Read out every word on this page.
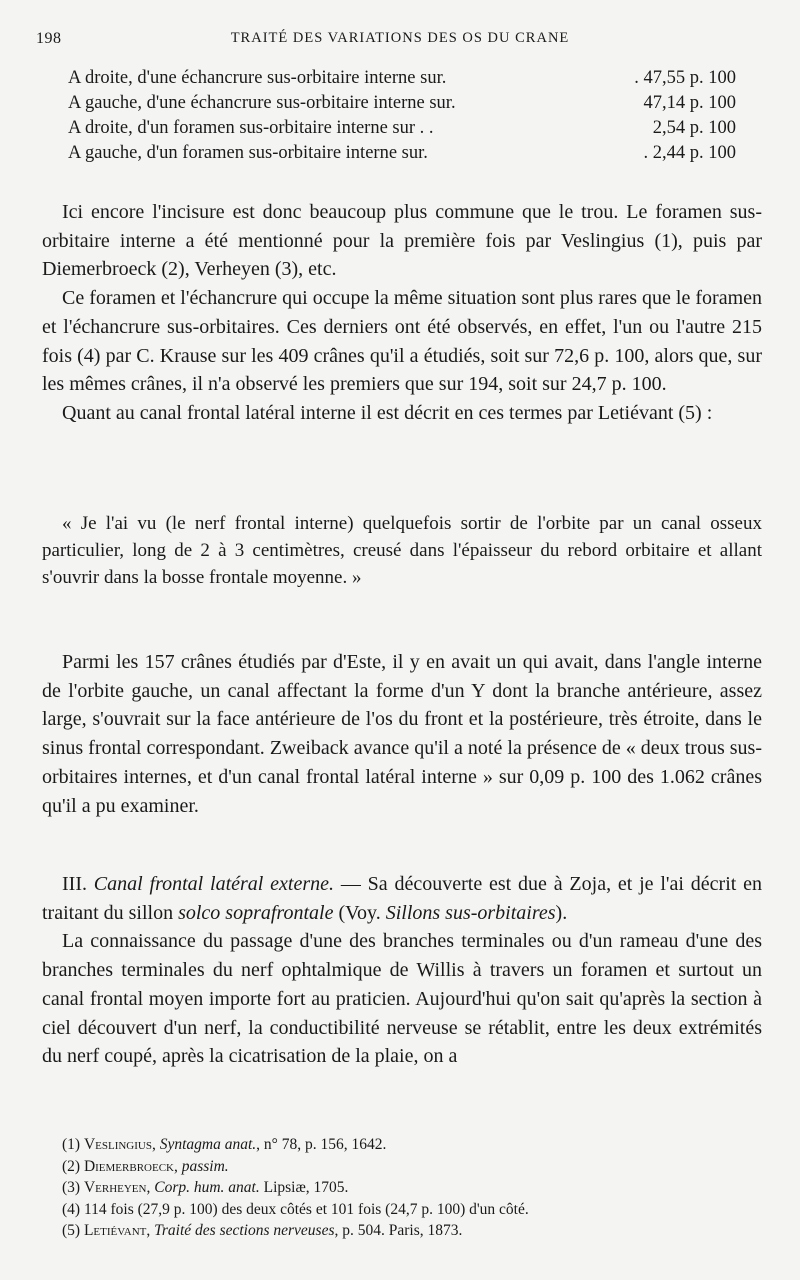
198	TRAITÉ DES VARIATIONS DES OS DU CRANE
A droite, d'une échancrure sus-orbitaire interne sur.	. 47,55 p. 100
A gauche, d'une échancrure sus-orbitaire interne sur.	47,14 p. 100
A droite, d'un foramen sus-orbitaire interne sur . .	2,54 p. 100
A gauche, d'un foramen sus-orbitaire interne sur.	. 2,44 p. 100

Ici encore l'incisure est donc beaucoup plus commune que le trou. Le foramen sus-orbitaire interne a été mentionné pour la première fois par Veslingius (1), puis par Diemerbroeck (2), Verheyen (3), etc.

Ce foramen et l'échancrure qui occupe la même situation sont plus rares que le foramen et l'échancrure sus-orbitaires. Ces derniers ont été observés, en effet, l'un ou l'autre 215 fois (4) par C. Krause sur les 409 crânes qu'il a étudiés, soit sur 72,6 p. 100, alors que, sur les mêmes crânes, il n'a observé les premiers que sur 194, soit sur 24,7 p. 100.

Quant au canal frontal latéral interne il est décrit en ces termes par Letiévant (5) :

« Je l'ai vu (le nerf frontal interne) quelquefois sortir de l'orbite par un canal osseux particulier, long de 2 à 3 centimètres, creusé dans l'épaisseur du rebord orbitaire et allant s'ouvrir dans la bosse frontale moyenne. »

Parmi les 157 crânes étudiés par d'Este, il y en avait un qui avait, dans l'angle interne de l'orbite gauche, un canal affectant la forme d'un Y dont la branche antérieure, assez large, s'ouvrait sur la face antérieure de l'os du front et la postérieure, très étroite, dans le sinus frontal correspondant. Zweiback avance qu'il a noté la présence de « deux trous sus-orbitaires internes, et d'un canal frontal latéral interne » sur 0,09 p. 100 des 1.062 crânes qu'il a pu examiner.

III. Canal frontal latéral externe. — Sa découverte est due à Zoja, et je l'ai décrit en traitant du sillon solco soprafrontale (Voy. Sillons sus-orbitaires).

La connaissance du passage d'une des branches terminales ou d'un rameau d'une des branches terminales du nerf ophtalmique de Willis à travers un foramen et surtout un canal frontal moyen importe fort au praticien. Aujourd'hui qu'on sait qu'après la section à ciel découvert d'un nerf, la conductibilité nerveuse se rétablit, entre les deux extrémités du nerf coupé, après la cicatrisation de la plaie, on a

(1) Veslingius, Syntagma anat., n° 78, p. 156, 1642.
(2) Diemerbroeck, passim.
(3) Verheyen, Corp. hum. anat. Lipsiæ, 1705.
(4) 114 fois (27,9 p. 100) des deux côtés et 101 fois (24,7 p. 100) d'un côté.
(5) Letiévant, Traité des sections nerveuses, p. 504. Paris, 1873.
